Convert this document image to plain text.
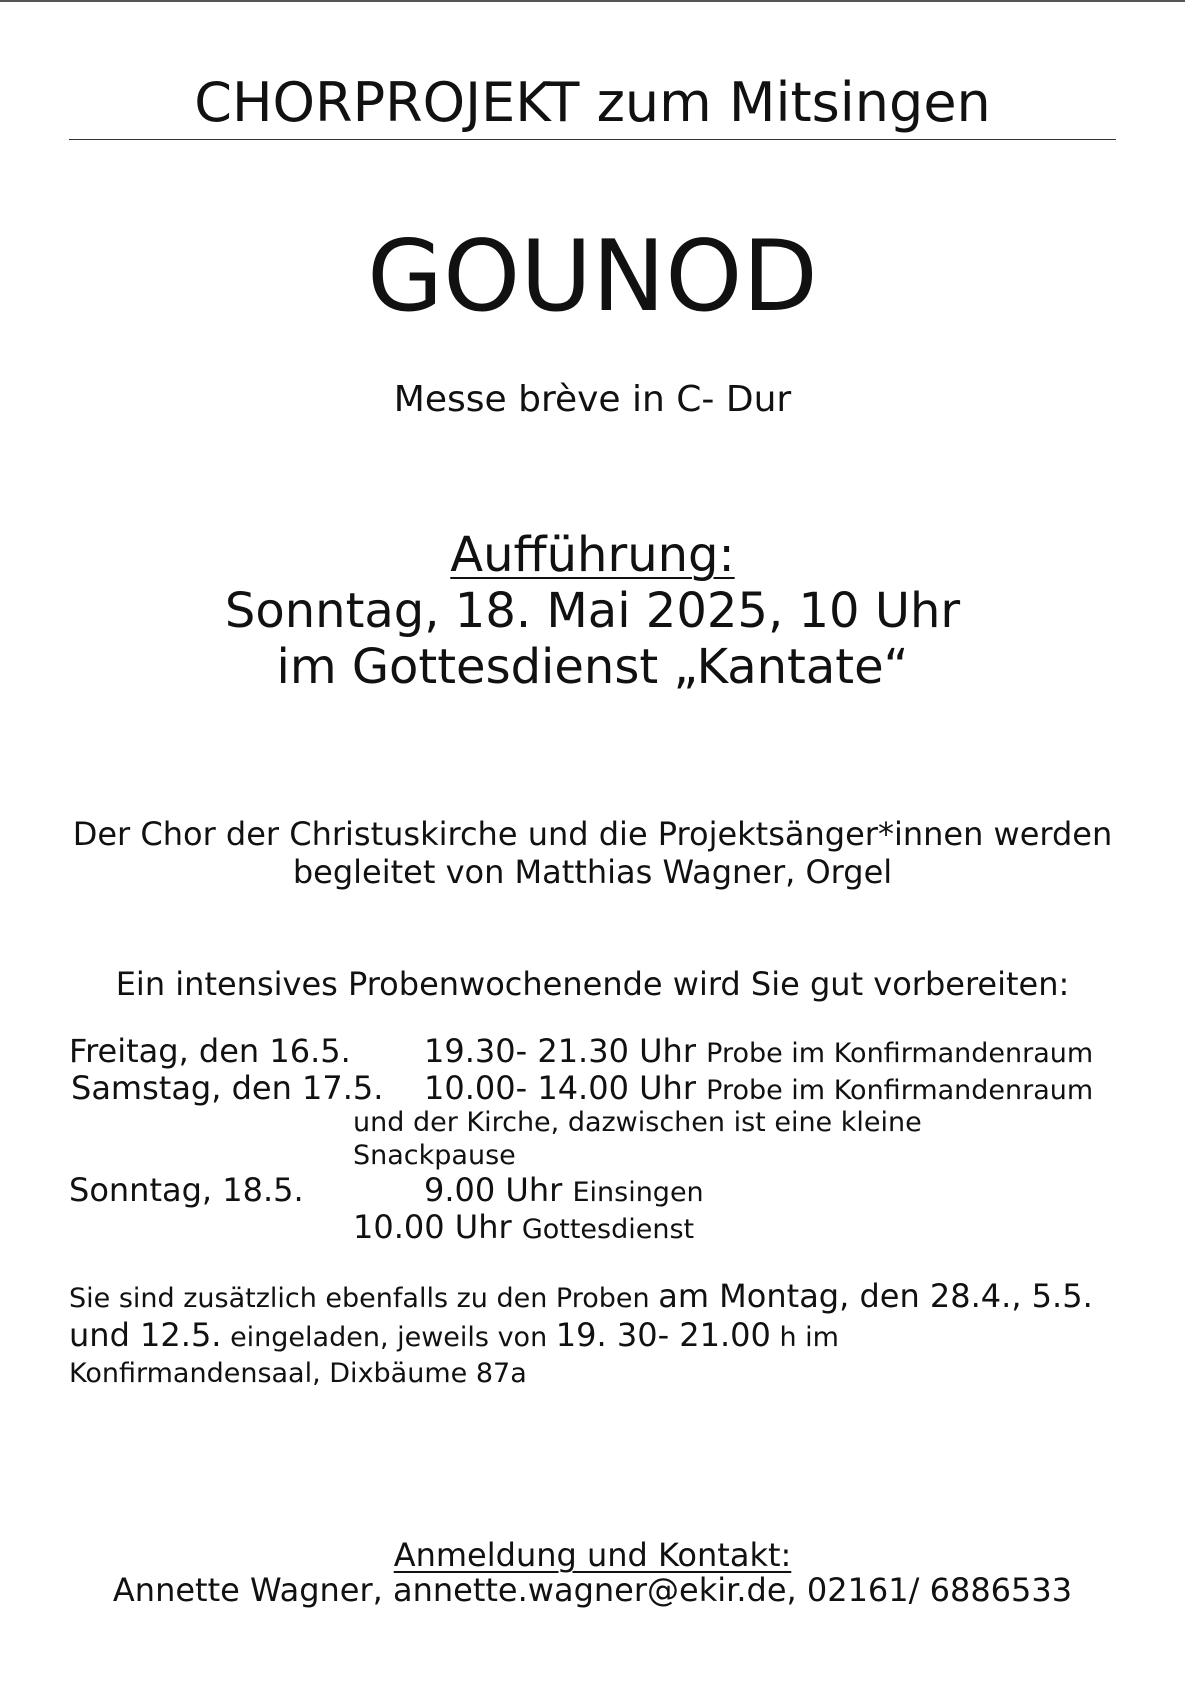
CHORPROJEKT zum Mitsingen
GOUNOD
Messe brève in C- Dur
Aufführung:
Sonntag, 18. Mai 2025, 10 Uhr
im Gottesdienst „Kantate“
Der Chor der Christuskirche und die Projektsänger*innen werden
begleitet von Matthias Wagner, Orgel
Ein intensives Probenwochenende wird Sie gut vorbereiten:
Freitag, den 16.5. 19.30- 21.30 Uhr Probe im Konfirmandenraum
Samstag, den 17.5. 10.00- 14.00 Uhr Probe im Konfirmandenraum
und der Kirche, dazwischen ist eine kleine
Snackpause
Sonntag, 18.5.	9.00 Uhr Einsingen
10.00 Uhr Gottesdienst
Sie sind zusätzlich ebenfalls zu den Proben am Montag, den 28.4., 5.5.
und 12.5. eingeladen, jeweils von 19. 30- 21.00 h im
Konfirmandensaal, Dixbäume 87a
Anmeldung und Kontakt:
Annette Wagner, annette.wagner@ekir.de, 02161/ 6886533
